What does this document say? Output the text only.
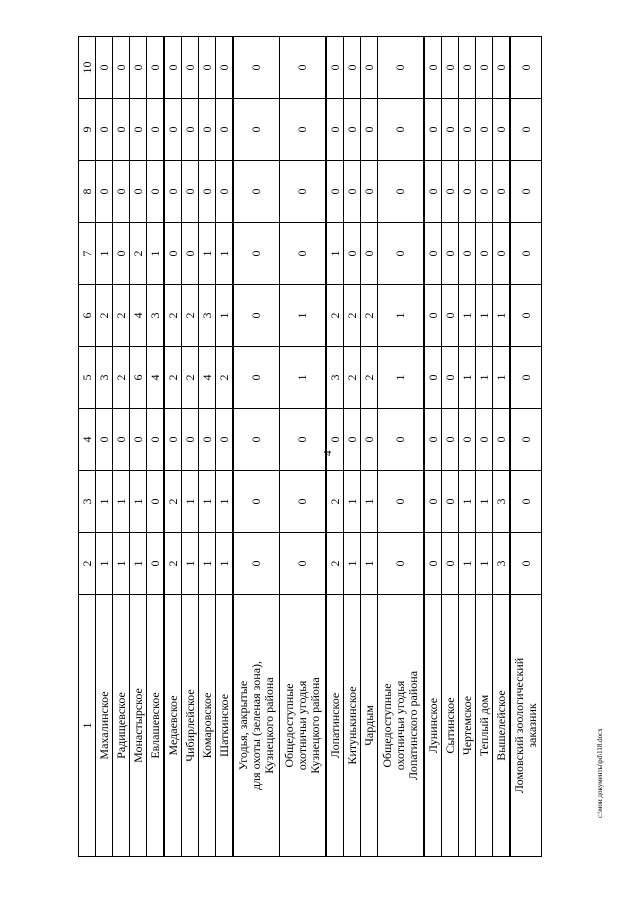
4
1	2	3	4	5	6	7	8	9	10
Махалинское	1	1	0	3	2	1	0	0	0
Радищевское	1	1	0	2	2	0	0	0	0
Монастырское	1	1	0	6	4	2	0	0	0
Евлашевское	0	0	0	4	3	1	0	0	0
Медаевское	2	2	0	2	2	0	0	0	0
Чибирлейское	1	1	0	2	2	0	0	0	0
Комаровское	1	1	0	4	3	1	0	0	0
Шаткинское	1	1	0	2	1	1	0	0	0

Угодья, закрытые для охоты (зеленая зона), Кузнецкого района	0	0	0	0	0	0	0	0	0

Общедоступные охотничьи угодья Кузнецкого района	0	0	0	1	1	0	0	0	0
Лопатинское	2	2	0	3	2	1	0	0	0
Китунькинское	1	1	0	2	2	0	0	0	0
Чардым	1	1	0	2	2	0	0	0	0

Общедоступные охотничьи угодья Лопатинского района	0	0	0	1	1	0	0	0	0
Лунинское	0	0	0	0	0	0	0	0	0
Сытинское	0	0	0	0	0	0	0	0	0
Чертемское	1	1	0	1	1	0	0	0	0
Теплый дом	1	1	0	1	1	0	0	0	0
Вышелейское	3	3	0	1	1	0	0	0	0

Ломовский зоологический заказник	0	0	0	0	0	0	0	0	0
c:\мои документы\pd\118.docx
